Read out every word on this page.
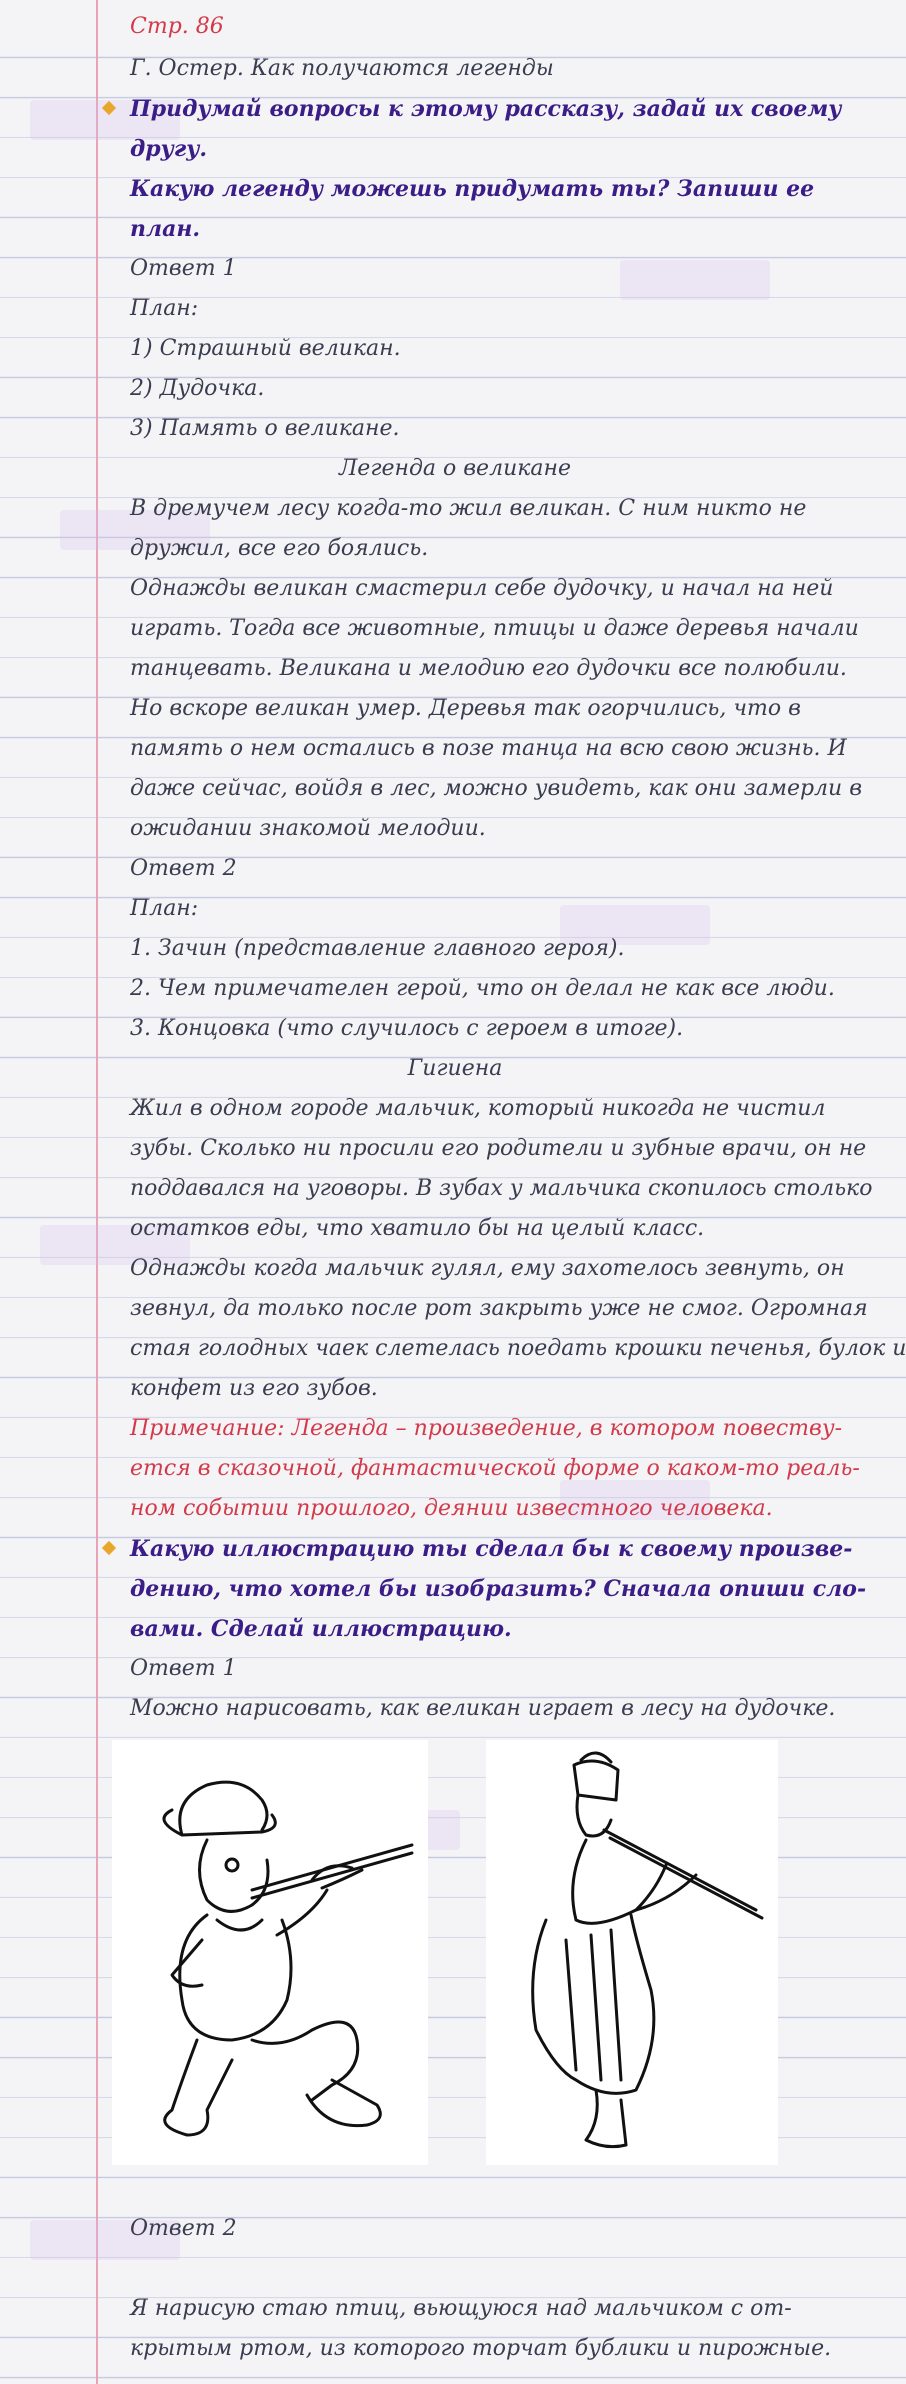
Стр. 86
Г. Остер. Как получаются легенды
Придумай вопросы к этому рассказу, задай их своему
другу.
Какую легенду можешь придумать ты? Запиши ее
план.
Ответ 1
План:
1) Страшный великан.
2) Дудочка.
3) Память о великане.
Легенда о великане
В дремучем лесу когда-то жил великан. С ним никто не
дружил, все его боялись.
Однажды великан смастерил себе дудочку, и начал на ней
играть. Тогда все животные, птицы и даже деревья начали
танцевать. Великана и мелодию его дудочки все полюбили.
Но вскоре великан умер. Деревья так огорчились, что в
память о нем остались в позе танца на всю свою жизнь. И
даже сейчас, войдя в лес, можно увидеть, как они замерли в
ожидании знакомой мелодии.
Ответ 2
План:
1. Зачин (представление главного героя).
2. Чем примечателен герой, что он делал не как все люди.
3. Концовка (что случилось с героем в итоге).
Гигиена
Жил в одном городе мальчик, который никогда не чистил
зубы. Сколько ни просили его родители и зубные врачи, он не
поддавался на уговоры. В зубах у мальчика скопилось столько
остатков еды, что хватило бы на целый класс.
Однажды когда мальчик гулял, ему захотелось зевнуть, он
зевнул, да только после рот закрыть уже не смог. Огромная
стая голодных чаек слетелась поедать крошки печенья, булок и
конфет из его зубов.
Примечание: Легенда – произведение, в котором повеству-
ется в сказочной, фантастической форме о каком-то реаль-
ном событии прошлого, деянии известного человека.
Какую иллюстрацию ты сделал бы к своему произве-
дению, что хотел бы изобразить? Сначала опиши сло-
вами. Сделай иллюстрацию.
Ответ 1
Можно нарисовать, как великан играет в лесу на дудочке.
Ответ 2
Я нарисую стаю птиц, вьющуюся над мальчиком с от-
крытым ртом, из которого торчат бублики и пирожные.
